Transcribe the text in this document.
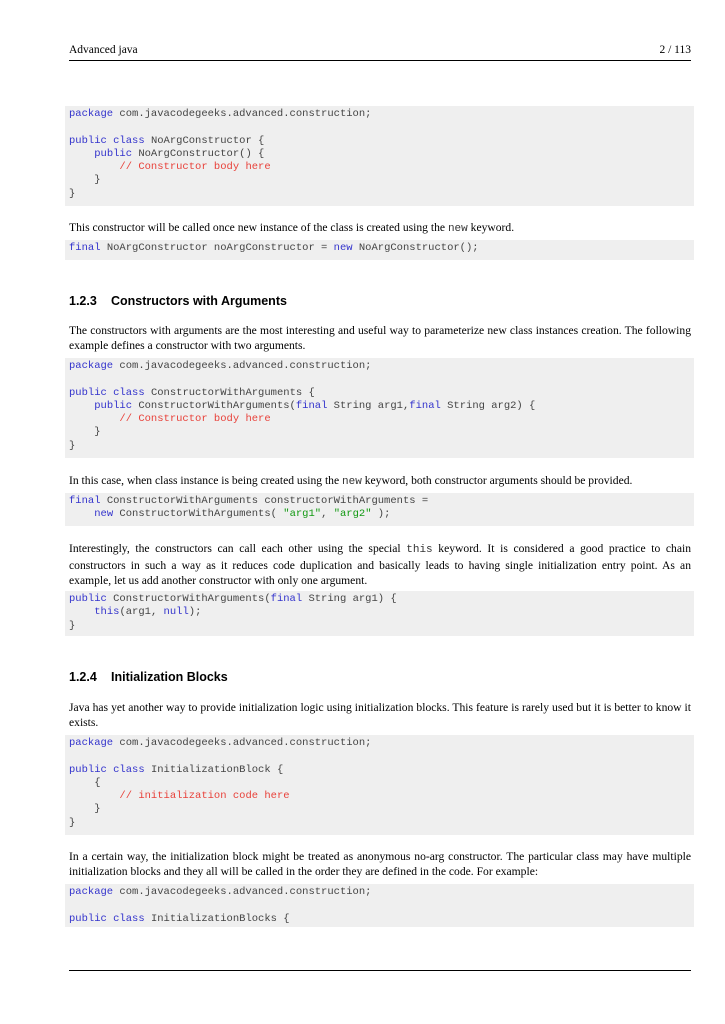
Advanced java	2 / 113
package com.javacodegeeks.advanced.construction;
public class NoArgConstructor {
public NoArgConstructor() {
// Constructor body here
}
}
This constructor will be called once new instance of the class is created using the new keyword.
final NoArgConstructor noArgConstructor = new NoArgConstructor();
1.2.3 Constructors with Arguments
The constructors with arguments are the most interesting and useful way to parameterize new class instances creation. The following example defines a constructor with two arguments.
package com.javacodegeeks.advanced.construction;
public class ConstructorWithArguments {
public ConstructorWithArguments(final String arg1,final String arg2) {
// Constructor body here
}
}
In this case, when class instance is being created using the new keyword, both constructor arguments should be provided.
final ConstructorWithArguments constructorWithArguments =
new ConstructorWithArguments( "arg1", "arg2" );
Interestingly, the constructors can call each other using the special this keyword. It is considered a good practice to chain constructors in such a way as it reduces code duplication and basically leads to having single initialization entry point. As an example, let us add another constructor with only one argument.
public ConstructorWithArguments(final String arg1) {
this(arg1, null);
}
1.2.4 Initialization Blocks
Java has yet another way to provide initialization logic using initialization blocks. This feature is rarely used but it is better to know it exists.
package com.javacodegeeks.advanced.construction;
public class InitializationBlock {
{
// initialization code here
}
}
In a certain way, the initialization block might be treated as anonymous no-arg constructor. The particular class may have multiple initialization blocks and they all will be called in the order they are defined in the code. For example:
package com.javacodegeeks.advanced.construction;
public class InitializationBlocks {
